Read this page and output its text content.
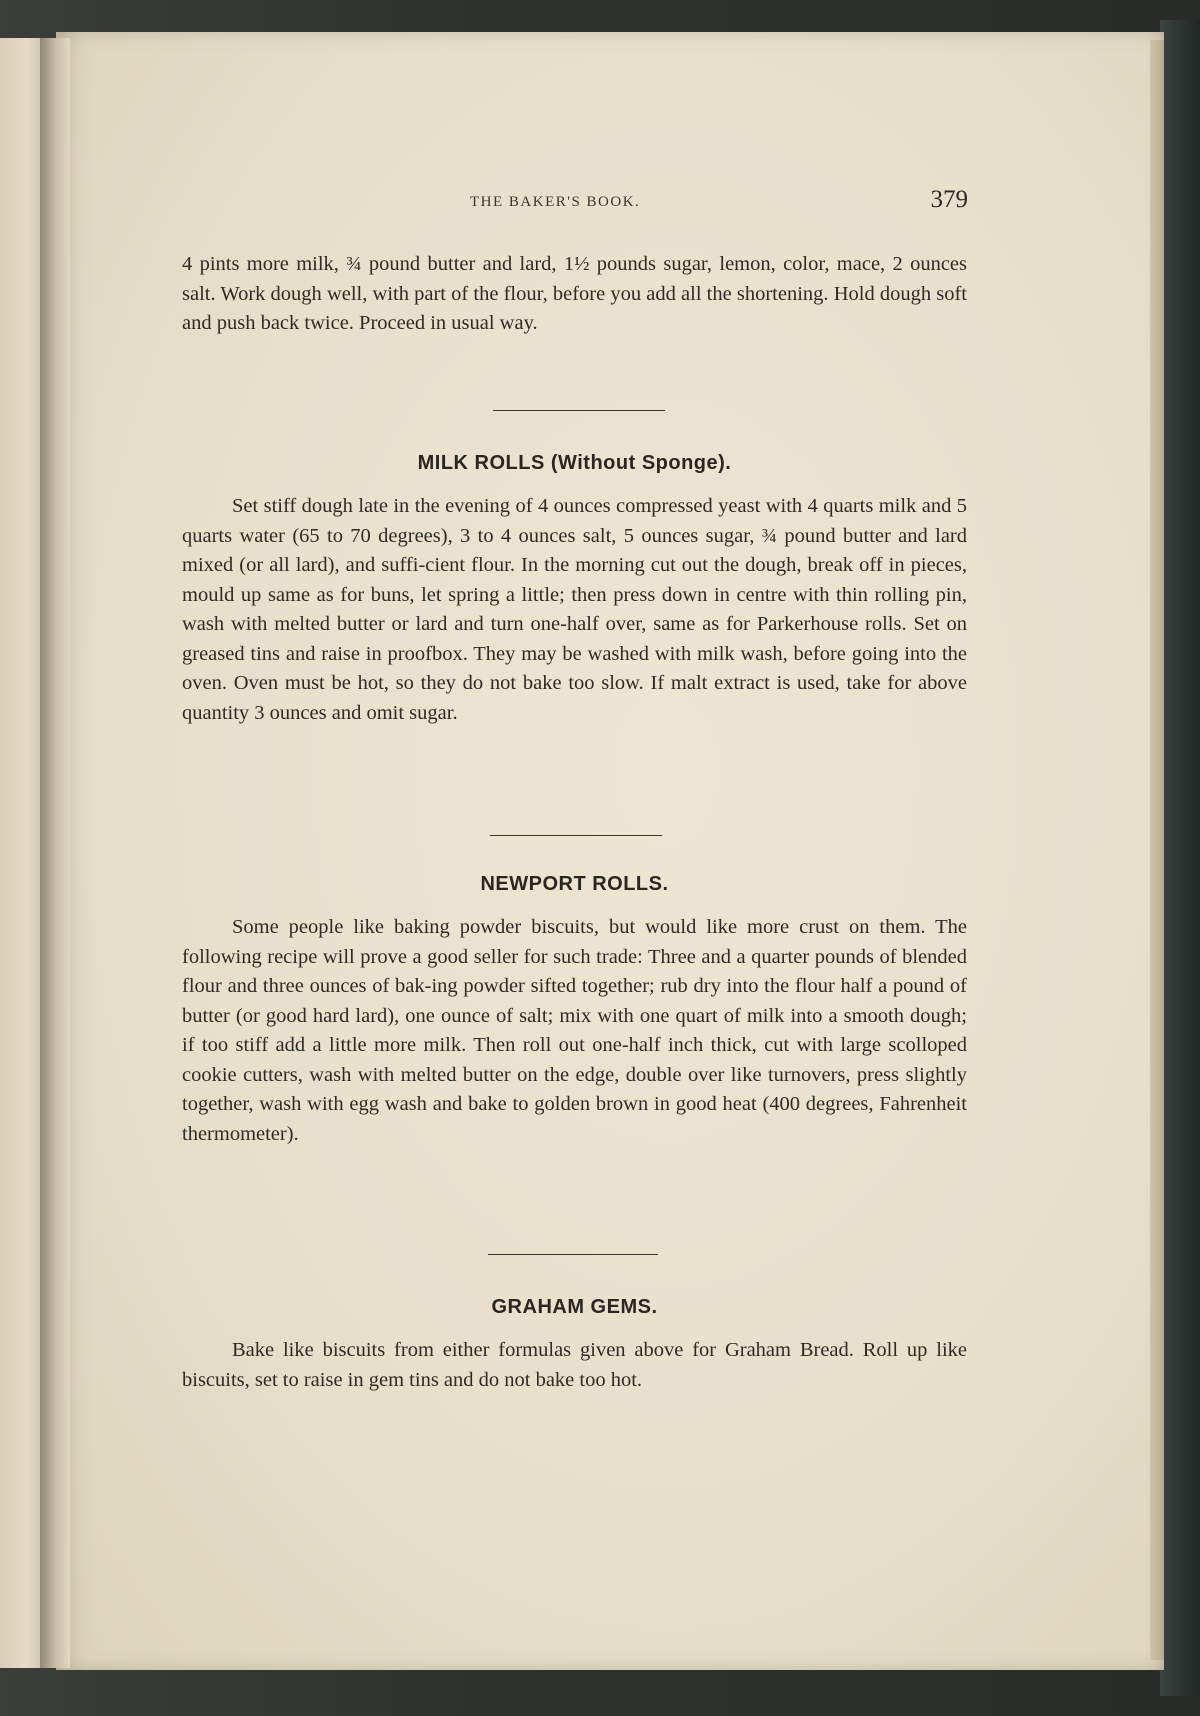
THE BAKER'S BOOK.	379

4 pints more milk, ¾ pound butter and lard, 1½ pounds sugar, lemon, color, mace, 2 ounces salt. Work dough well, with part of the flour, before you add all the shortening. Hold dough soft and push back twice. Proceed in usual way.

MILK ROLLS (Without Sponge).

Set stiff dough late in the evening of 4 ounces compressed yeast with 4 quarts milk and 5 quarts water (65 to 70 degrees), 3 to 4 ounces salt, 5 ounces sugar, ¾ pound butter and lard mixed (or all lard), and suffi-cient flour. In the morning cut out the dough, break off in pieces, mould up same as for buns, let spring a little; then press down in centre with thin rolling pin, wash with melted butter or lard and turn one-half over, same as for Parkerhouse rolls. Set on greased tins and raise in proofbox. They may be washed with milk wash, before going into the oven. Oven must be hot, so they do not bake too slow. If malt extract is used, take for above quantity 3 ounces and omit sugar.

NEWPORT ROLLS.

Some people like baking powder biscuits, but would like more crust on them. The following recipe will prove a good seller for such trade: Three and a quarter pounds of blended flour and three ounces of bak-ing powder sifted together; rub dry into the flour half a pound of butter (or good hard lard), one ounce of salt; mix with one quart of milk into a smooth dough; if too stiff add a little more milk. Then roll out one-half inch thick, cut with large scolloped cookie cutters, wash with melted butter on the edge, double over like turnovers, press slightly together, wash with egg wash and bake to golden brown in good heat (400 degrees, Fahrenheit thermometer).

GRAHAM GEMS.

Bake like biscuits from either formulas given above for Graham Bread. Roll up like biscuits, set to raise in gem tins and do not bake too hot.
